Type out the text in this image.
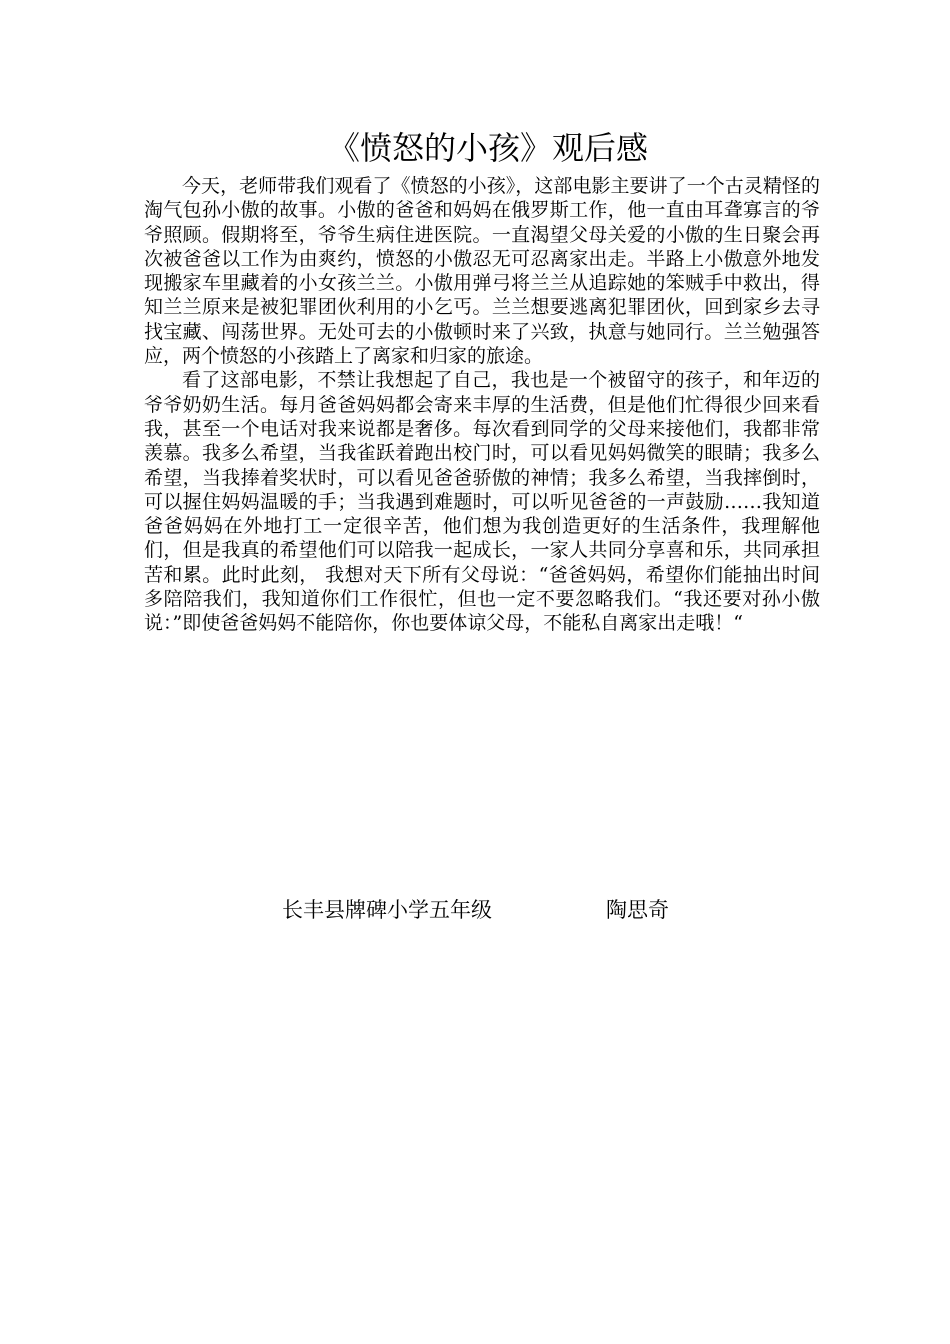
《愤怒的小孩》观后感

今天，老师带我们观看了《愤怒的小孩》，这部电影主要讲了一个古灵精怪的淘气包孙小傲的故事。小傲的爸爸和妈妈在俄罗斯工作，他一直由耳聋寡言的爷爷照顾。假期将至，爷爷生病住进医院。一直渴望父母关爱的小傲的生日聚会再次被爸爸以工作为由爽约，愤怒的小傲忍无可忍离家出走。半路上小傲意外地发现搬家车里藏着的小女孩兰兰。小傲用弹弓将兰兰从追踪她的笨贼手中救出，得知兰兰原来是被犯罪团伙利用的小乞丐。兰兰想要逃离犯罪团伙，回到家乡去寻找宝藏、闯荡世界。无处可去的小傲顿时来了兴致，执意与她同行。兰兰勉强答应，两个愤怒的小孩踏上了离家和归家的旅途。

看了这部电影，不禁让我想起了自己，我也是一个被留守的孩子，和年迈的爷爷奶奶生活。每月爸爸妈妈都会寄来丰厚的生活费，但是他们忙得很少回来看我，甚至一个电话对我来说都是奢侈。每次看到同学的父母来接他们，我都非常羡慕。我多么希望，当我雀跃着跑出校门时，可以看见妈妈微笑的眼睛；我多么希望，当我捧着奖状时，可以看见爸爸骄傲的神情；我多么希望，当我摔倒时，可以握住妈妈温暖的手；当我遇到难题时，可以听见爸爸的一声鼓励……我知道爸爸妈妈在外地打工一定很辛苦，他们想为我创造更好的生活条件，我理解他们，但是我真的希望他们可以陪我一起成长，一家人共同分享喜和乐，共同承担苦和累。此时此刻， 我想对天下所有父母说：“爸爸妈妈，希望你们能抽出时间多陪陪我们，我知道你们工作很忙，但也一定不要忽略我们。“我还要对孙小傲说：”即使爸爸妈妈不能陪你，你也要体谅父母，不能私自离家出走哦！“

长丰县牌碑小学五年级	陶思奇
